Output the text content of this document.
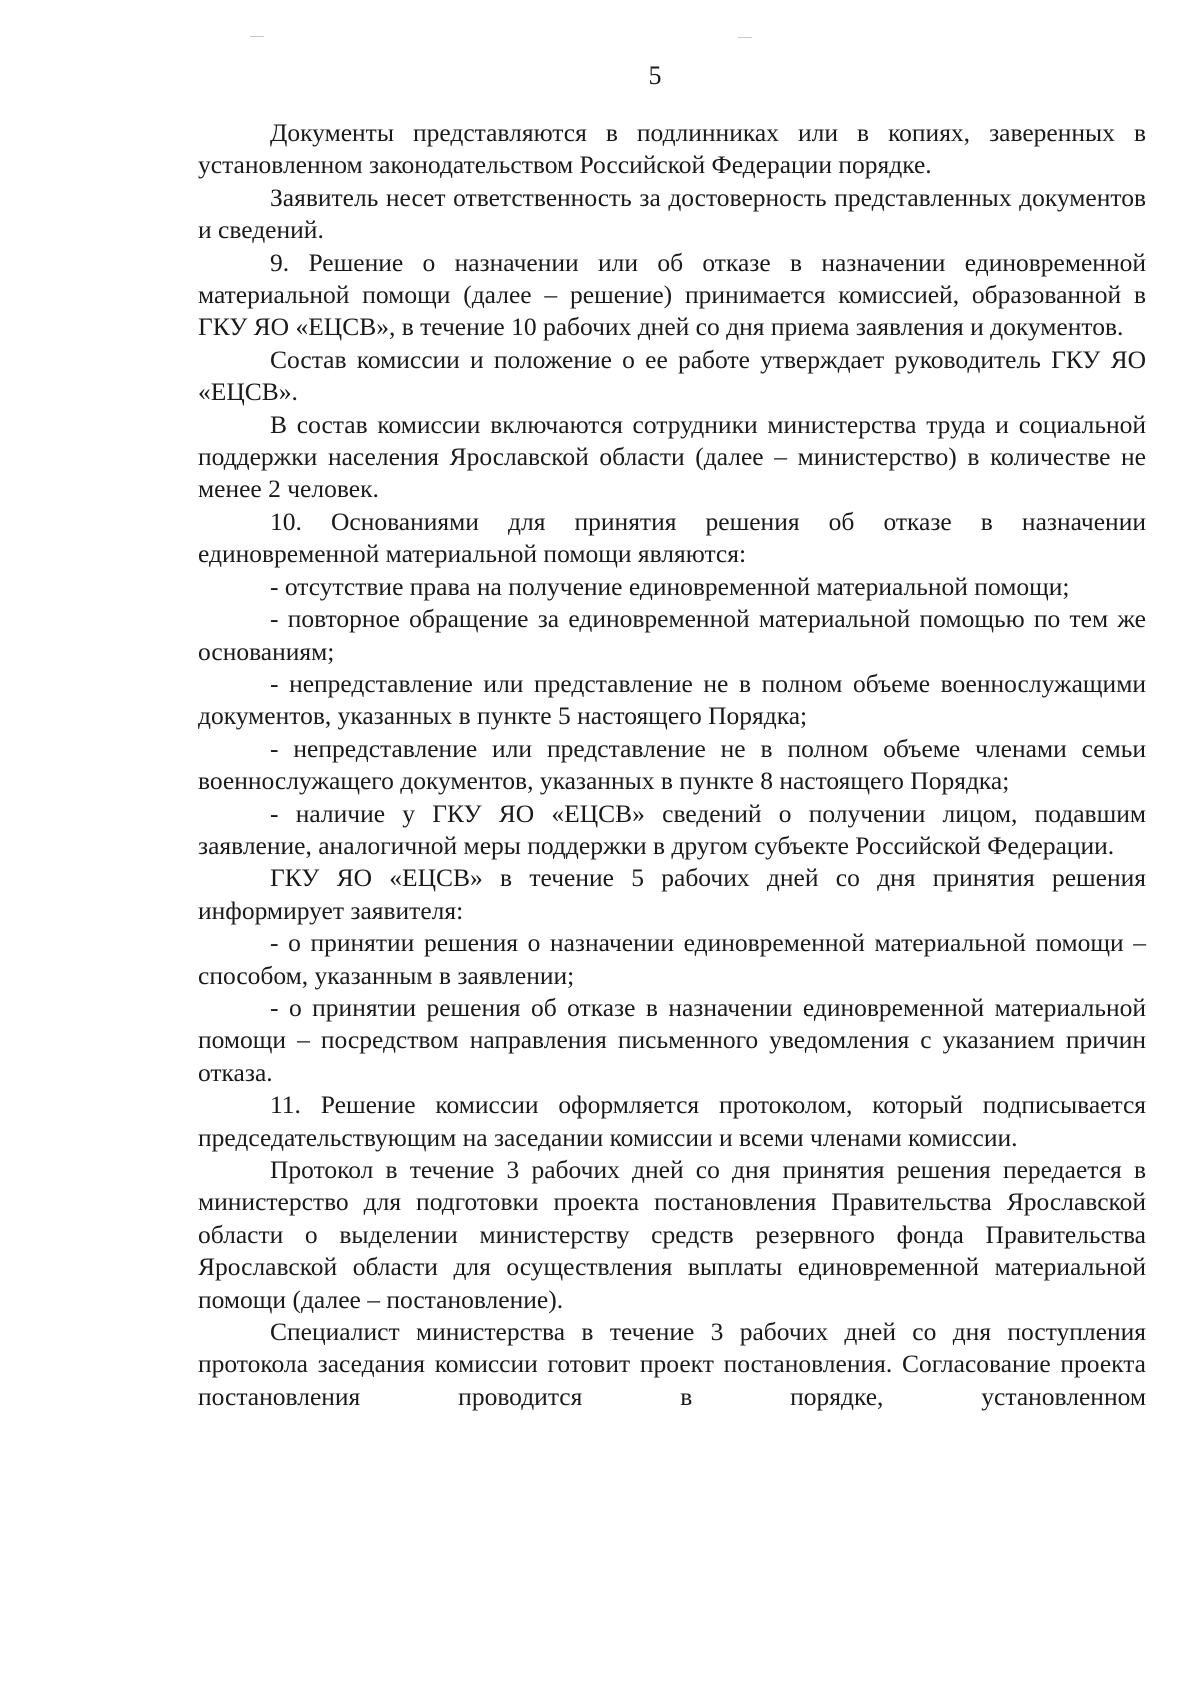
5

Документы представляются в подлинниках или в копиях, заверенных в установленном законодательством Российской Федерации порядке.

Заявитель несет ответственность за достоверность представленных документов и сведений.

9. Решение о назначении или об отказе в назначении единовременной материальной помощи (далее – решение) принимается комиссией, образованной в ГКУ ЯО «ЕЦСВ», в течение 10 рабочих дней со дня приема заявления и документов.

Состав комиссии и положение о ее работе утверждает руководитель ГКУ ЯО «ЕЦСВ».

В состав комиссии включаются сотрудники министерства труда и социальной поддержки населения Ярославской области (далее – министерство) в количестве не менее 2 человек.

10. Основаниями для принятия решения об отказе в назначении единовременной материальной помощи являются:

- отсутствие права на получение единовременной материальной помощи;

- повторное обращение за единовременной материальной помощью по тем же основаниям;

- непредставление или представление не в полном объеме военнослужащими документов, указанных в пункте 5 настоящего Порядка;

- непредставление или представление не в полном объеме членами семьи военнослужащего документов, указанных в пункте 8 настоящего Порядка;

- наличие у ГКУ ЯО «ЕЦСВ» сведений о получении лицом, подавшим заявление, аналогичной меры поддержки в другом субъекте Российской Федерации.

ГКУ ЯО «ЕЦСВ» в течение 5 рабочих дней со дня принятия решения информирует заявителя:

- о принятии решения о назначении единовременной материальной помощи – способом, указанным в заявлении;

- о принятии решения об отказе в назначении единовременной материальной помощи – посредством направления письменного уведомления с указанием причин отказа.

11. Решение комиссии оформляется протоколом, который подписывается председательствующим на заседании комиссии и всеми членами комиссии.

Протокол в течение 3 рабочих дней со дня принятия решения передается в министерство для подготовки проекта постановления Правительства Ярославской области о выделении министерству средств резервного фонда Правительства Ярославской области для осуществления выплаты единовременной материальной помощи (далее – постановление).

Специалист министерства в течение 3 рабочих дней со дня поступления протокола заседания комиссии готовит проект постановления. Согласование проекта постановления проводится в порядке, установленном
